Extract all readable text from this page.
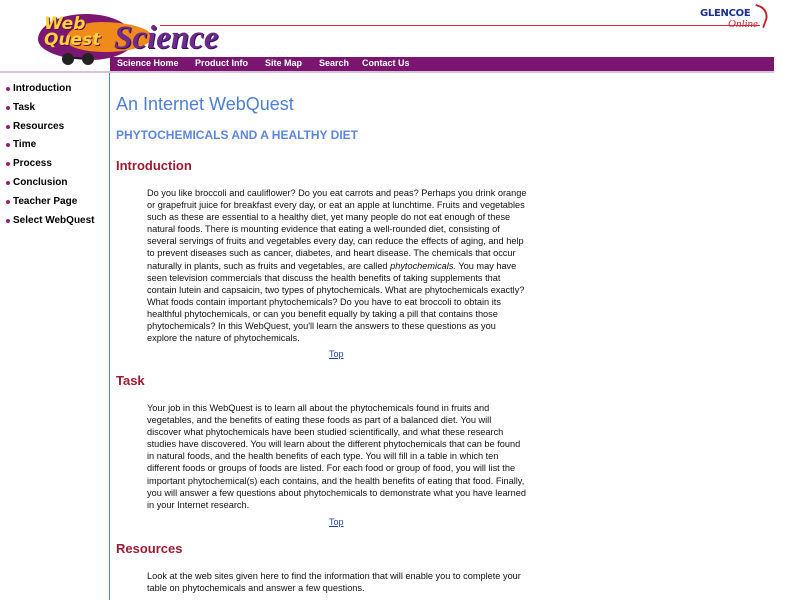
Web Quest Science
GLENCOE
Online
Science Home Product Info Site Map Search Contact Us
Introduction
Task
Resources
Time
Process
Conclusion
Teacher Page
Select WebQuest
An Internet WebQuest
PHYTOCHEMICALS AND A HEALTHY DIET
Introduction
Do you like broccoli and cauliflower? Do you eat carrots and peas? Perhaps you drink orange or grapefruit juice for breakfast every day, or eat an apple at lunchtime. Fruits and vegetables such as these are essential to a healthy diet, yet many people do not eat enough of these natural foods. There is mounting evidence that eating a well-rounded diet, consisting of several servings of fruits and vegetables every day, can reduce the effects of aging, and help to prevent diseases such as cancer, diabetes, and heart disease. The chemicals that occur naturally in plants, such as fruits and vegetables, are called phytochemicals. You may have seen television commercials that discuss the health benefits of taking supplements that contain lutein and capsaicin, two types of phytochemicals. What are phytochemicals exactly? What foods contain important phytochemicals? Do you have to eat broccoli to obtain its healthful phytochemicals, or can you benefit equally by taking a pill that contains those phytochemicals? In this WebQuest, you'll learn the answers to these questions as you explore the nature of phytochemicals.
Top
Task
Your job in this WebQuest is to learn all about the phytochemicals found in fruits and vegetables, and the benefits of eating these foods as part of a balanced diet. You will discover what phytochemicals have been studied scientifically, and what these research studies have discovered. You will learn about the different phytochemicals that can be found in natural foods, and the health benefits of each type. You will fill in a table in which ten different foods or groups of foods are listed. For each food or group of food, you will list the important phytochemical(s) each contains, and the health benefits of eating that food. Finally, you will answer a few questions about phytochemicals to demonstrate what you have learned in your Internet research.
Top
Resources
Look at the web sites given here to find the information that will enable you to complete your table on phytochemicals and answer a few questions.
